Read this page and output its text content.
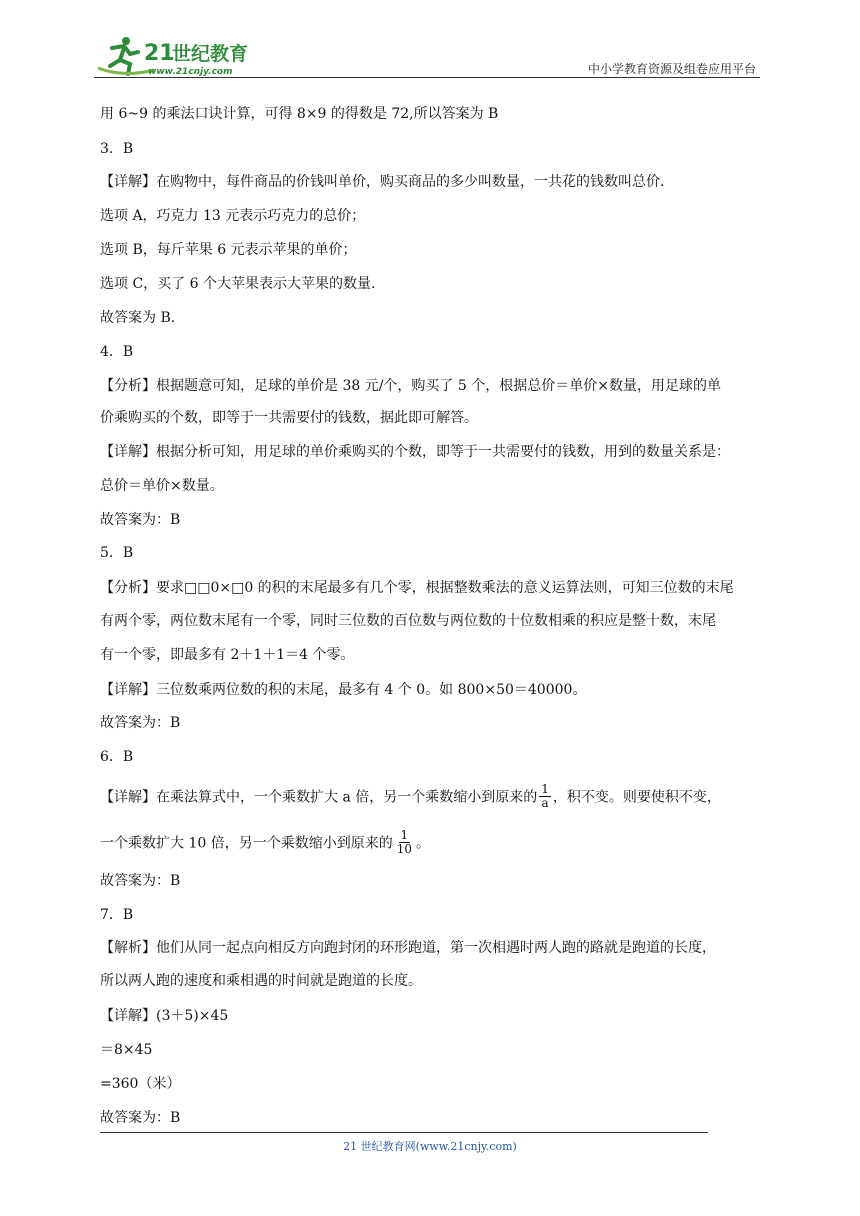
21
世纪教育
www.21cnjy.com	中小学教育资源及组卷应用平台
用 6~9 的乘法口诀计算，可得 8×9 的得数是 72,所以答案为 B
3．B
【详解】在购物中，每件商品的价钱叫单价，购买商品的多少叫数量，一共花的钱数叫总价.
选项 A，巧克力 13 元表示巧克力的总价；
选项 B，每斤苹果 6 元表示苹果的单价；
选项 C，买了 6 个大苹果表示大苹果的数量.
故答案为 B.
4．B
【分析】根据题意可知，足球的单价是 38 元/个，购买了 5 个，根据总价＝单价×数量，用足球的单
价乘购买的个数，即等于一共需要付的钱数，据此即可解答。
【详解】根据分析可知，用足球的单价乘购买的个数，即等于一共需要付的钱数，用到的数量关系是：
总价＝单价×数量。
故答案为：B
5．B
【分析】要求□□0×□0 的积的末尾最多有几个零，根据整数乘法的意义运算法则，可知三位数的末尾
有两个零，两位数末尾有一个零，同时三位数的百位数与两位数的十位数相乘的积应是整十数，末尾
有一个零，即最多有 2＋1＋1＝4 个零。
【详解】三位数乘两位数的积的末尾，最多有 4 个 0。如 800×50＝40000。
故答案为：B
6．B
【详解】在乘法算式中，一个乘数扩大 a 倍，另一个乘数缩小到原来的 $\frac{1}{a}$ ，积不变。则要使积不变，
一个乘数扩大 10 倍，另一个乘数缩小到原来的 $\frac{1}{10}$ 。
故答案为：B
7．B
【解析】他们从同一起点向相反方向跑封闭的环形跑道，第一次相遇时两人跑的路就是跑道的长度，
所以两人跑的速度和乘相遇的时间就是跑道的长度。
【详解】(3＋5)×45
＝8×45
=360（米）
故答案为：B
21 世纪教育网(www.21cnjy.com)
